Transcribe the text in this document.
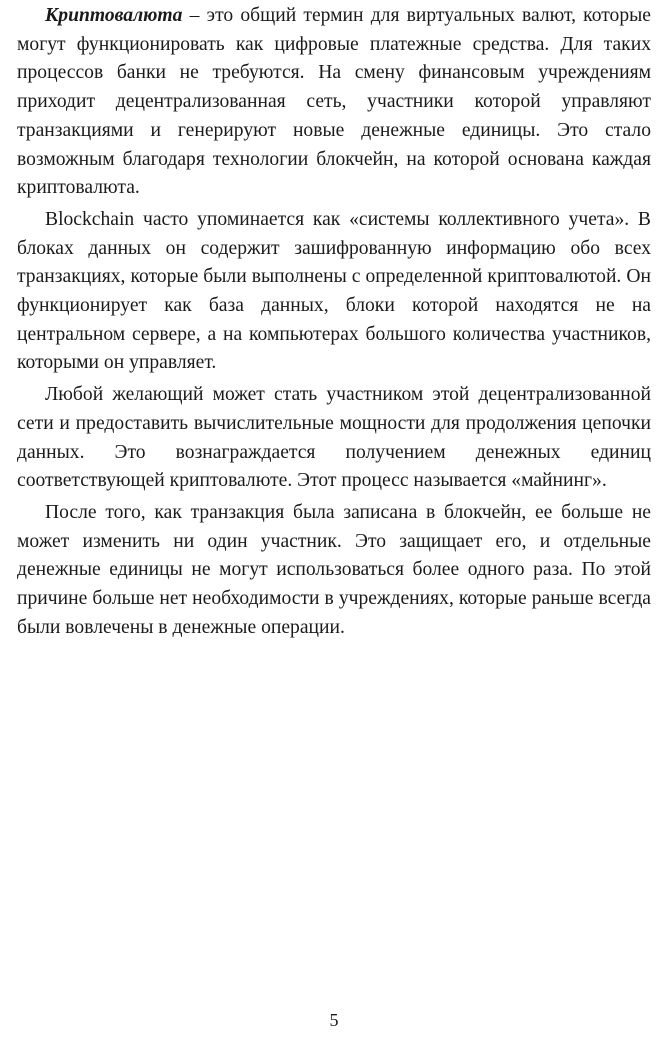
Криптовалюта – это общий термин для виртуальных валют, которые могут функционировать как цифровые платежные средства. Для таких процессов банки не требуются. На смену финансовым учреждениям приходит децентрализованная сеть, участники которой управляют транзакциями и генерируют новые денежные единицы. Это стало возможным благодаря технологии блокчейн, на которой основана каждая криптовалюта.

Blockchain часто упоминается как «системы коллективного учета». В блоках данных он содержит зашифрованную информацию обо всех транзакциях, которые были выполнены с определенной криптовалютой. Он функционирует как база данных, блоки которой находятся не на центральном сервере, а на компьютерах большого количества участников, которыми он управляет.

Любой желающий может стать участником этой децентрализованной сети и предоставить вычислительные мощности для продолжения цепочки данных. Это вознаграждается получением денежных единиц соответствующей криптовалюте. Этот процесс называется «майнинг».

После того, как транзакция была записана в блокчейн, ее больше не может изменить ни один участник. Это защищает его, и отдельные денежные единицы не могут использоваться более одного раза. По этой причине больше нет необходимости в учреждениях, которые раньше всегда были вовлечены в денежные операции.

5
